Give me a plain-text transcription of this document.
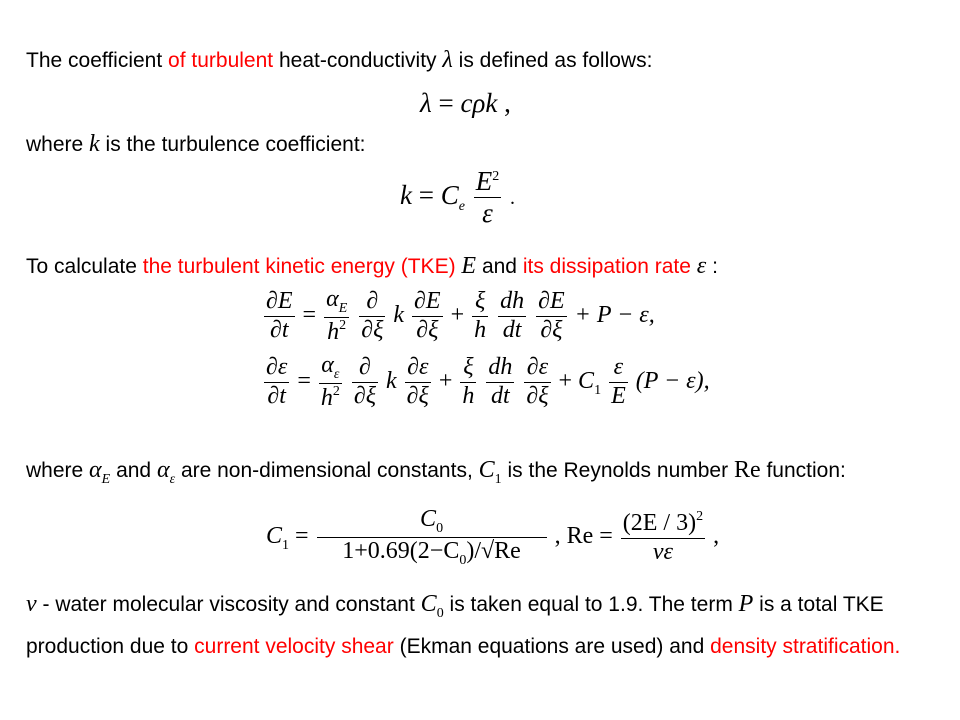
The coefficient of turbulent heat-conductivity λ is defined as follows:
λ = cρk ,
where k is the turbulence coefficient:
$k = C_e \frac{E^2}{\varepsilon}$ .
To calculate the turbulent kinetic energy (TKE) E and its dissipation rate ε :
$\frac{\partial E}{\partial t} = \frac{\alpha_E}{h^2}$
$\frac{\partial}{\partial\xi}$ k $\frac{\partial E}{\partial\xi} + \frac{\xi}{h}$
$\frac{dh}{dt}$
$\frac{\partial E}{\partial\xi} + P - \varepsilon$,
$\frac{\partial\varepsilon}{\partial t} = \frac{\alpha_\varepsilon}{h^2}$
$\frac{\partial}{\partial\xi}$ k $\frac{\partial\varepsilon}{\partial\xi} + \frac{\xi}{h}$
$\frac{dh}{dt}$
$\frac{\partial\varepsilon}{\partial\xi} + C_1 \frac{\varepsilon}{E} (P - \varepsilon)$,
where $\alpha_E$ and $\alpha_\varepsilon$ are non-dimensional constants, $C_1$ is the Reynolds number Re function:
$C_1 = \frac{C_0}{1+0.69(2-C_0)/√Re}$ , $Re = \frac{(2E / 3)^2}{\nu\varepsilon}$ ,
ν - water molecular viscosity and constant $C_0$ is taken equal to 1.9. The term P is a total TKE
production due to current velocity shear (Ekman equations are used) and density stratification.
